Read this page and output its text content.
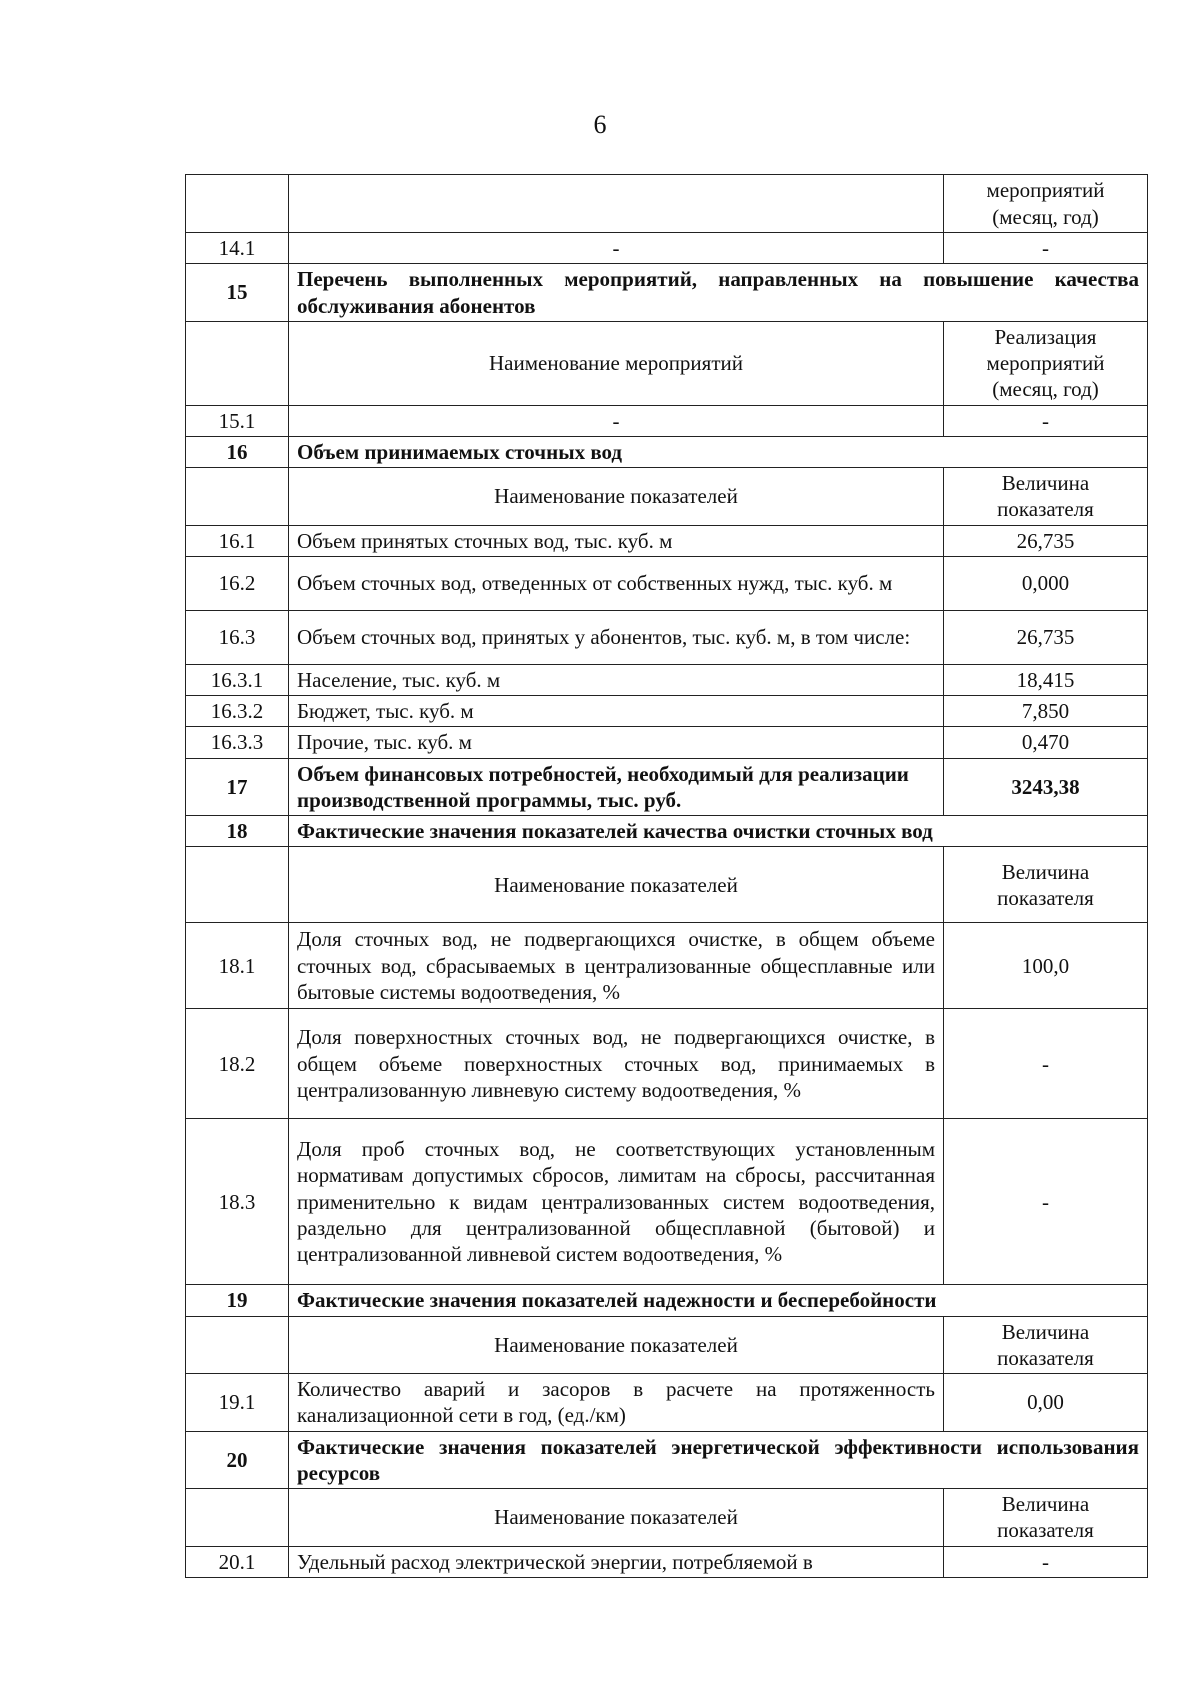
6
		мероприятий (месяц, год)
14.1	-	-
15	Перечень выполненных мероприятий, направленных на повышение качества обслуживания абонентов	
	Наименование мероприятий	Реализация мероприятий (месяц, год)
15.1	-	-
16	Объем принимаемых сточных вод	
	Наименование показателей	Величина показателя
16.1	Объем принятых сточных вод, тыс. куб. м	26,735
16.2	Объем сточных вод, отведенных от собственных нужд, тыс. куб. м	0,000
16.3	Объем сточных вод, принятых у абонентов, тыс. куб. м, в том числе:	26,735
16.3.1	Население, тыс. куб. м	18,415
16.3.2	Бюджет, тыс. куб. м	7,850
16.3.3	Прочие, тыс. куб. м	0,470
17	Объем финансовых потребностей, необходимый для реализации производственной программы, тыс. руб.	3243,38
18	Фактические значения показателей качества очистки сточных вод	
	Наименование показателей	Величина показателя
18.1	Доля сточных вод, не подвергающихся очистке, в общем объеме сточных вод, сбрасываемых в централизованные общесплавные или бытовые системы водоотведения, %	100,0
18.2	Доля поверхностных сточных вод, не подвергающихся очистке, в общем объеме поверхностных сточных вод, принимаемых в централизованную ливневую систему водоотведения, %	-
18.3	Доля проб сточных вод, не соответствующих установленным нормативам допустимых сбросов, лимитам на сбросы, рассчитанная применительно к видам централизованных систем водоотведения, раздельно для централизованной общесплавной (бытовой) и централизованной ливневой систем водоотведения, %	-
19	Фактические значения показателей надежности и бесперебойности	
	Наименование показателей	Величина показателя
19.1	Количество аварий и засоров в расчете на протяженность канализационной сети в год, (ед./км)	0,00
20	Фактические значения показателей энергетической эффективности использования ресурсов	
	Наименование показателей	Величина показателя
20.1	Удельный расход электрической энергии, потребляемой в	-
